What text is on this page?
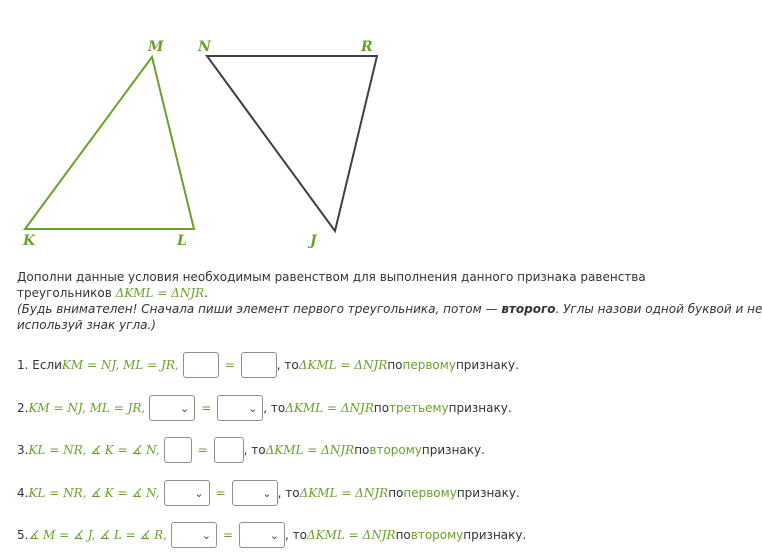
M
K	L
N	R
J
Дополни данные условия необходимым равенством для выполнения данного признака равенства
треугольников ΔKML = ΔNJR.
(Будь внимателен! Сначала пиши элемент первого треугольника, потом — второго. Углы назови одной буквой и не
используй знак угла.)
1. Если KM = NJ, ML = JR,	=	, то ΔKML = ΔNJR по первому признаку.
2. KM = NJ, ML = JR,	⌄ =	⌄ , то ΔKML = ΔNJR по третьему признаку.
3. KL = NR, ∡ K = ∡ N,	=	, то ΔKML = ΔNJR по второму признаку.
4. KL = NR, ∡ K = ∡ N,	⌄ =	⌄ , то ΔKML = ΔNJR по первому признаку.
5. ∡ M = ∡ J, ∡ L = ∡ R,	⌄ =	⌄ , то ΔKML = ΔNJR по второму признаку.
